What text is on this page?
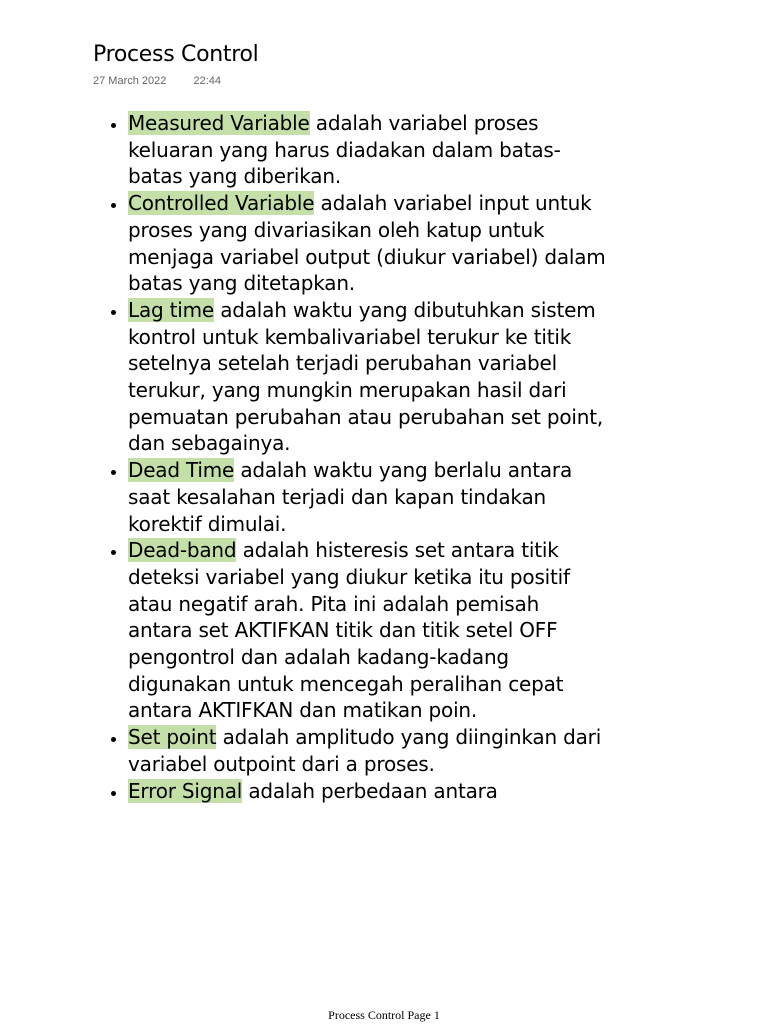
Process Control
27 March 2022 22:44
• Measured Variable adalah variabel proses keluaran yang harus diadakan dalam batas-batas yang diberikan.
• Controlled Variable adalah variabel input untuk proses yang divariasikan oleh katup untuk menjaga variabel output (diukur variabel) dalam batas yang ditetapkan.
• Lag time adalah waktu yang dibutuhkan sistem kontrol untuk kembalivariabel terukur ke titik setelnya setelah terjadi perubahan variabel terukur, yang mungkin merupakan hasil dari pemuatan perubahan atau perubahan set point, dan sebagainya.
• Dead Time adalah waktu yang berlalu antara saat kesalahan terjadi dan kapan tindakan korektif dimulai.
• Dead-band adalah histeresis set antara titik deteksi variabel yang diukur ketika itu positif atau negatif arah. Pita ini adalah pemisah antara set AKTIFKAN titik dan titik setel OFF pengontrol dan adalah kadang-kadang digunakan untuk mencegah peralihan cepat antara AKTIFKAN dan matikan poin.
• Set point adalah amplitudo yang diinginkan dari variabel outpoint dari a proses.
• Error Signal adalah perbedaan antara
Process Control Page 1
